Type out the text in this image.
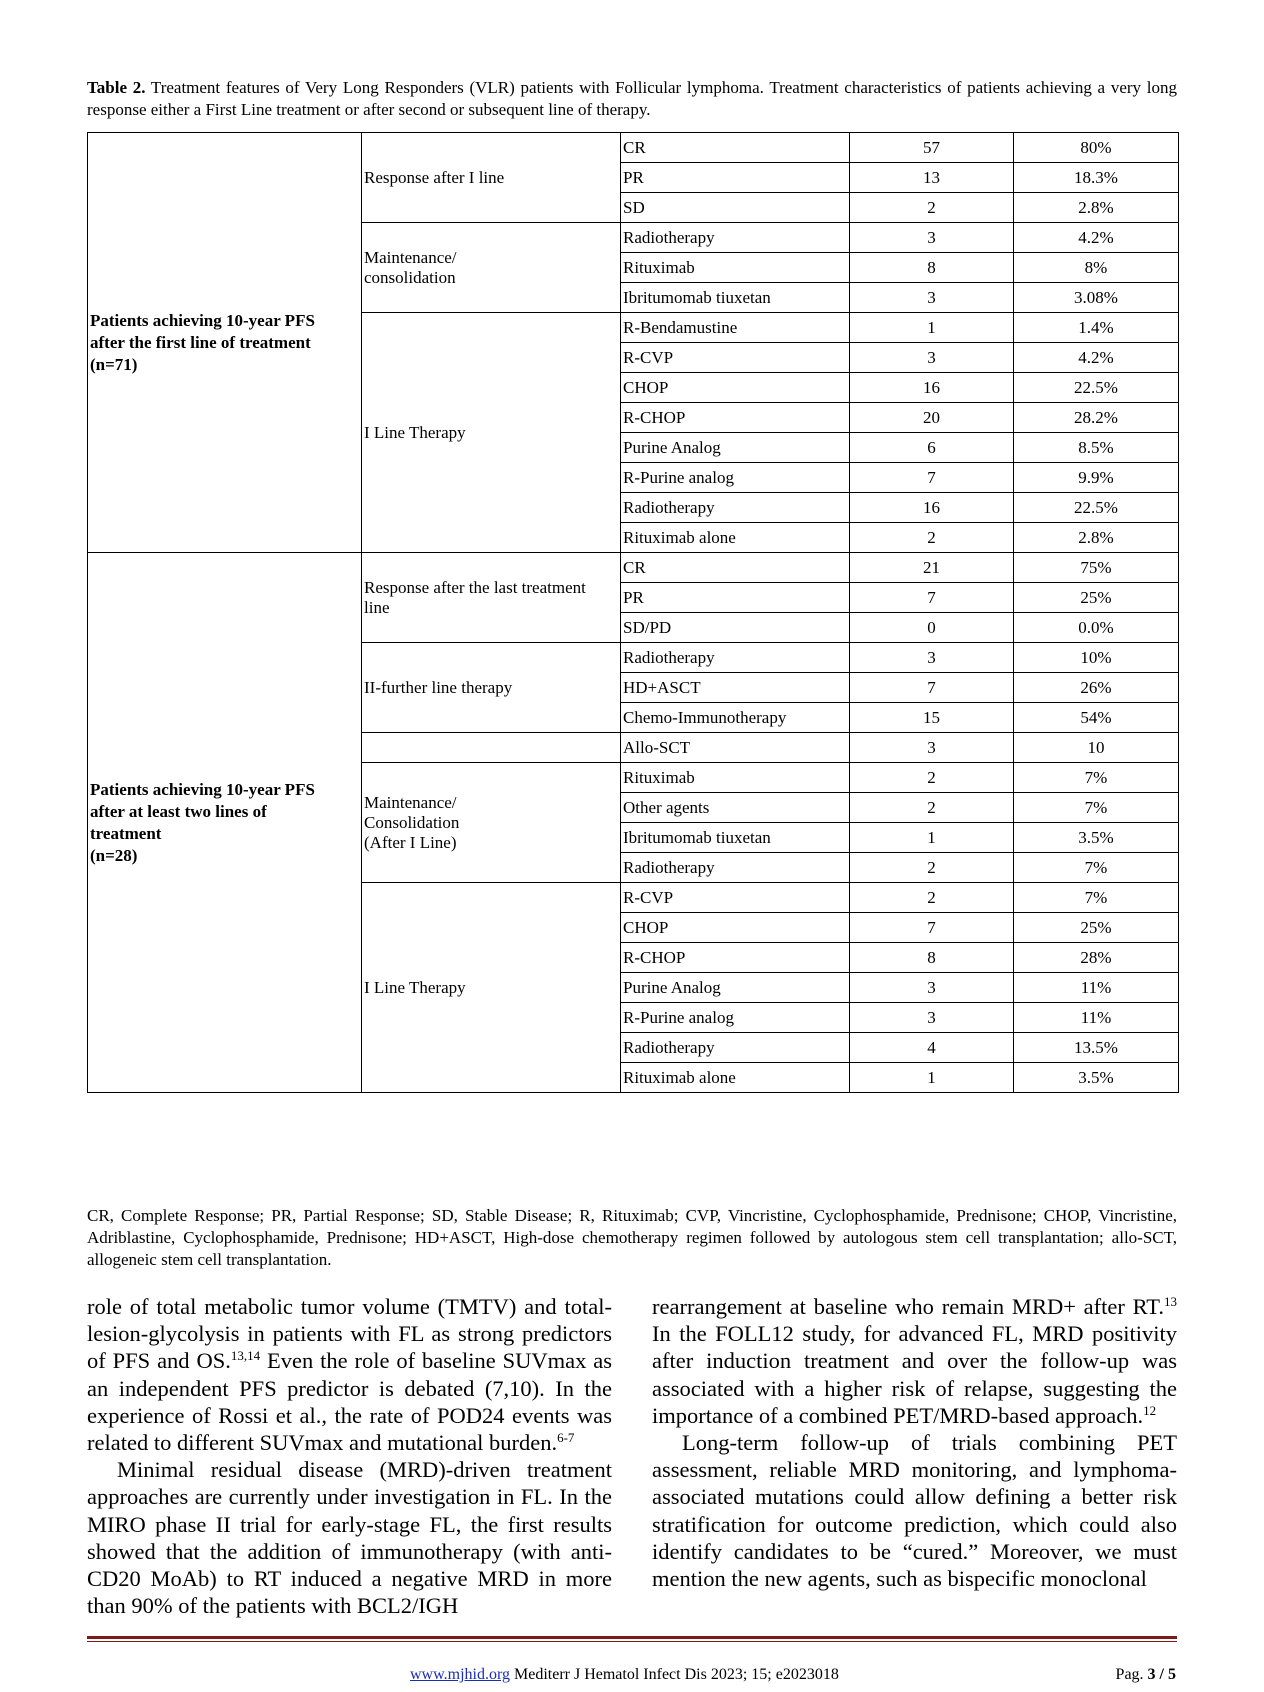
Table 2. Treatment features of Very Long Responders (VLR) patients with Follicular lymphoma. Treatment characteristics of patients achieving a very long response either a First Line treatment or after second or subsequent line of therapy.
Patients achieving 10-year PFS
after the first line of treatment
(n=71)	Response after I line	CR	57	80%
		PR	13	18.3%
		SD	2	2.8%
	Maintenance/
consolidation	Radiotherapy	3	4.2%
		Rituximab	8	8%
		Ibritumomab tiuxetan	3	3.08%
	I Line Therapy	R-Bendamustine	1	1.4%
		R-CVP	3	4.2%
		CHOP	16	22.5%
		R-CHOP	20	28.2%
		Purine Analog	6	8.5%
		R-Purine analog	7	9.9%
		Radiotherapy	16	22.5%
		Rituximab alone	2	2.8%
Patients achieving 10-year PFS
after at least two lines of
treatment
(n=28)	Response after the last treatment
line	CR	21	75%
		PR	7	25%
		SD/PD	0	0.0%
	II-further line therapy	Radiotherapy	3	10%
		HD+ASCT	7	26%
		Chemo-Immunotherapy	15	54%
		Allo-SCT	3	10
	Maintenance/
Consolidation
(After I Line)	Rituximab	2	7%
		Other agents	2	7%
		Ibritumomab tiuxetan	1	3.5%
		Radiotherapy	2	7%
	I Line Therapy	R-CVP	2	7%
		CHOP	7	25%
		R-CHOP	8	28%
		Purine Analog	3	11%
		R-Purine analog	3	11%
		Radiotherapy	4	13.5%
		Rituximab alone	1	3.5%
CR, Complete Response; PR, Partial Response; SD, Stable Disease; R, Rituximab; CVP, Vincristine, Cyclophosphamide, Prednisone; CHOP, Vincristine, Adriblastine, Cyclophosphamide, Prednisone; HD+ASCT, High-dose chemotherapy regimen followed by autologous stem cell transplantation; allo-SCT, allogeneic stem cell transplantation.

role of total metabolic tumor volume (TMTV) and total-lesion-glycolysis in patients with FL as strong predictors of PFS and OS.$^{13,14}$ Even the role of baseline SUVmax as an independent PFS predictor is debated (7,10). In the experience of Rossi et al., the rate of POD24 events was related to different SUVmax and mutational burden.$^{6-7}$

Minimal residual disease (MRD)-driven treatment approaches are currently under investigation in FL. In the MIRO phase II trial for early-stage FL, the first results showed that the addition of immunotherapy (with anti-CD20 MoAb) to RT induced a negative MRD in more than 90% of the patients with BCL2/IGH

rearrangement at baseline who remain MRD+ after RT.$^{13}$ In the FOLL12 study, for advanced FL, MRD positivity after induction treatment and over the follow-up was associated with a higher risk of relapse, suggesting the importance of a combined PET/MRD-based approach.$^{12}$

Long-term follow-up of trials combining PET assessment, reliable MRD monitoring, and lymphoma-associated mutations could allow defining a better risk stratification for outcome prediction, which could also identify candidates to be “cured.” Moreover, we must mention the new agents, such as bispecific monoclonal

www.mjhid.org Mediterr J Hematol Infect Dis 2023; 15; e2023018	Pag. 3 / 5
